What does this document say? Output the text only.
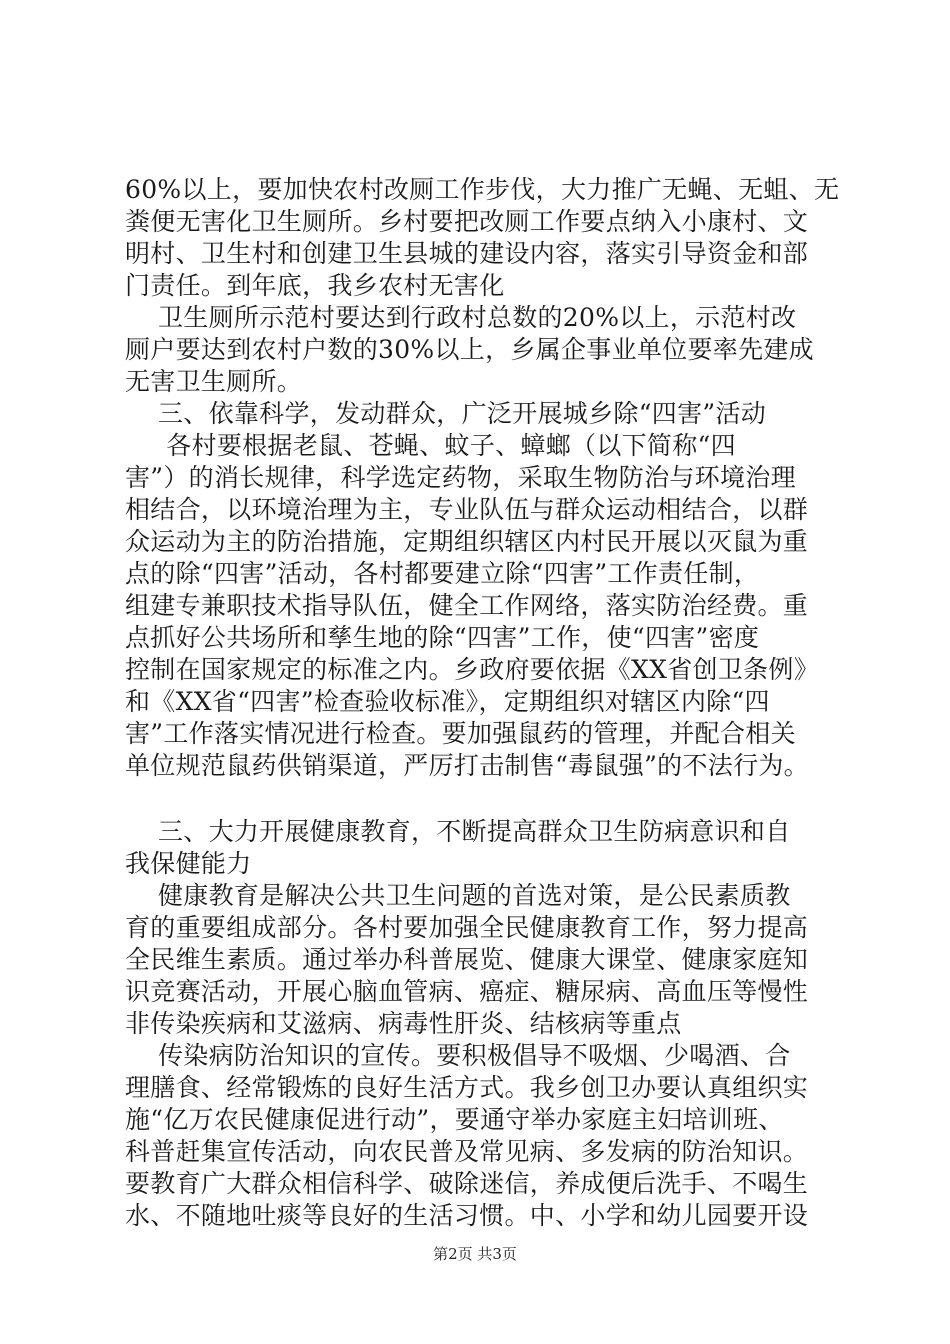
60%以上，要加快农村改厕工作步伐，大力推广无蝇、无蛆、无
粪便无害化卫生厕所。乡村要把改厕工作要点纳入小康村、文
明村、卫生村和创建卫生县城的建设内容，落实引导资金和部
门责任。到年底，我乡农村无害化
卫生厕所示范村要达到行政村总数的20%以上，示范村改
厕户要达到农村户数的30%以上，乡属企事业单位要率先建成
无害卫生厕所。
三、依靠科学，发动群众，广泛开展城乡除“四害”活动
各村要根据老鼠、苍蝇、蚊子、蟑螂（以下简称“四
害”）的消长规律，科学选定药物，采取生物防治与环境治理
相结合，以环境治理为主，专业队伍与群众运动相结合，以群
众运动为主的防治措施，定期组织辖区内村民开展以灭鼠为重
点的除“四害”活动，各村都要建立除“四害”工作责任制，
组建专兼职技术指导队伍，健全工作网络，落实防治经费。重
点抓好公共场所和孳生地的除“四害”工作，使“四害”密度
控制在国家规定的标准之内。乡政府要依据《XX省创卫条例》
和《XX省“四害”检查验收标准》，定期组织对辖区内除“四
害”工作落实情况进行检查。要加强鼠药的管理，并配合相关
单位规范鼠药供销渠道，严厉打击制售“毒鼠强”的不法行为。
三、大力开展健康教育，不断提高群众卫生防病意识和自
我保健能力
健康教育是解决公共卫生问题的首选对策，是公民素质教
育的重要组成部分。各村要加强全民健康教育工作，努力提高
全民维生素质。通过举办科普展览、健康大课堂、健康家庭知
识竞赛活动，开展心脑血管病、癌症、糖尿病、高血压等慢性
非传染疾病和艾滋病、病毒性肝炎、结核病等重点
传染病防治知识的宣传。要积极倡导不吸烟、少喝酒、合
理膳食、经常锻炼的良好生活方式。我乡创卫办要认真组织实
施“亿万农民健康促进行动”，要通守举办家庭主妇培训班、
科普赶集宣传活动，向农民普及常见病、多发病的防治知识。
要教育广大群众相信科学、破除迷信，养成便后洗手、不喝生
水、不随地吐痰等良好的生活习惯。中、小学和幼儿园要开设
第2页 共3页
